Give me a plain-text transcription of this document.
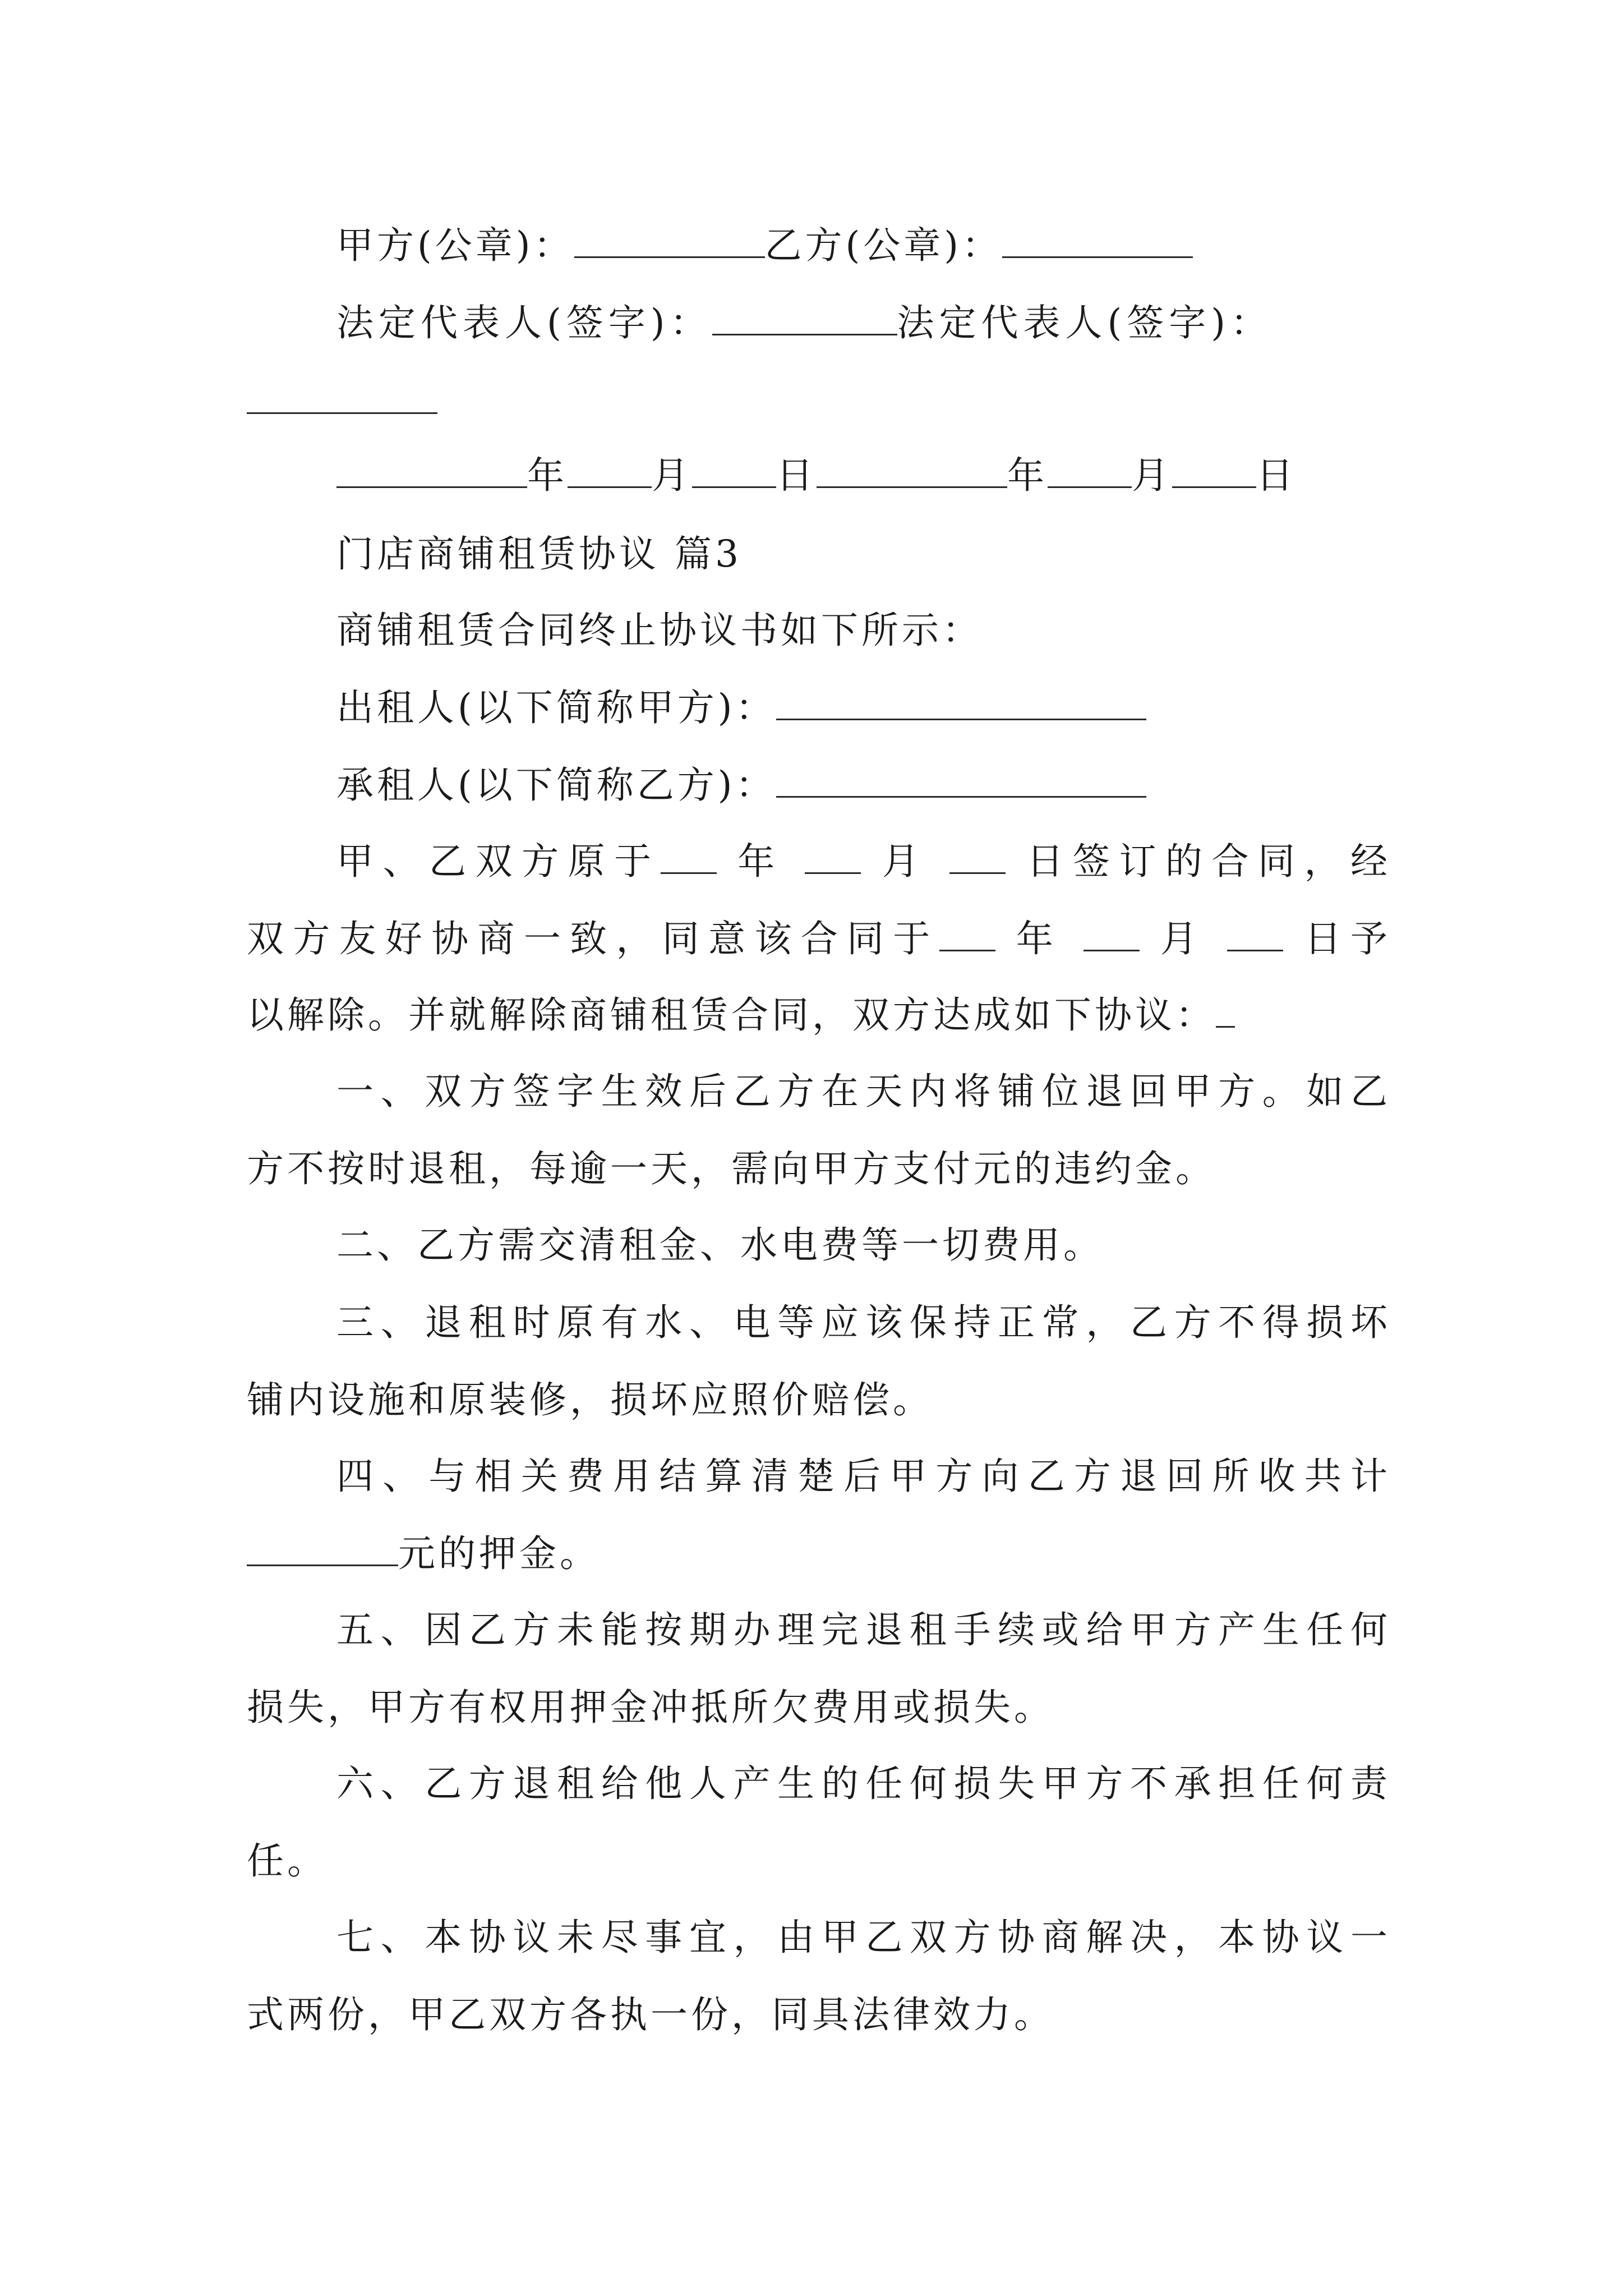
甲方(公章)：	乙方(公章)：
法定代表人(签字)：	法定代表人(签字)：
年 月 日	年 月 日
门店商铺租赁协议 篇3
商铺租赁合同终止协议书如下所示：
出租人(以下简称甲方)：
承租人(以下简称乙方)：
甲、乙双方原于 年	月	日签订的合同，经
双方友好协商一致，同意该合同于 年	月	日予
以解除。并就解除商铺租赁合同，双方达成如下协议：
一、双方签字生效后乙方在天内将铺位退回甲方。如乙
方不按时退租，每逾一天，需向甲方支付元的违约金。
二、乙方需交清租金、水电费等一切费用。
三、退租时原有水、电等应该保持正常，乙方不得损坏
铺内设施和原装修，损坏应照价赔偿。
四、与相关费用结算清楚后甲方向乙方退回所收共计
元的押金。
五、因乙方未能按期办理完退租手续或给甲方产生任何
损失，甲方有权用押金冲抵所欠费用或损失。
六、乙方退租给他人产生的任何损失甲方不承担任何责
任。
七、本协议未尽事宜，由甲乙双方协商解决，本协议一
式两份，甲乙双方各执一份，同具法律效力。
